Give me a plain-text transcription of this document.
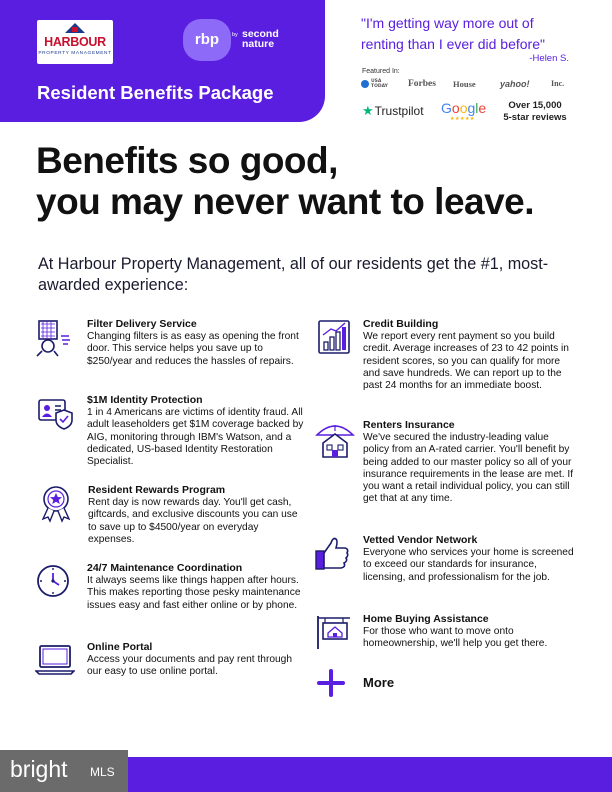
HARBOUR
PROPERTY MANAGEMENT
rbp	by second nature
Resident Benefits Package
"I'm getting way more out of renting than I ever did before"
-Helen S.
Featured In:
USA TODAY Forbes House	yahoo!	Inc.
★Trustpilot Google
★★★★★
Over 15,000
5-star reviews
Benefits so good,
you may never want to leave.
At Harbour Property Management, all of our residents get the #1, most-awarded experience:
Filter Delivery Service
Changing filters is as easy as opening the front door. This service helps you save up to $250/year and reduces the hassles of repairs.
$1M Identity Protection
1 in 4 Americans are victims of identity fraud. All adult leaseholders get $1M coverage backed by AIG, monitoring through IBM's Watson, and a dedicated, US-based Identity Restoration Specialist.
Resident Rewards Program
Rent day is now rewards day. You'll get cash, giftcards, and exclusive discounts you can use to save up to $4500/year on everyday expenses.
24/7 Maintenance Coordination
It always seems like things happen after hours. This makes reporting those pesky maintenance issues easy and fast either online or by phone.
Online Portal
Access your documents and pay rent through our easy to use online portal.
Credit Building
We report every rent payment so you build credit. Average increases of 23 to 42 points in resident scores, so you can qualify for more and save hundreds. We can report up to the past 24 months for an immediate boost.
Renters Insurance
We've secured the industry-leading value policy from an A-rated carrier. You'll benefit by being added to our master policy so all of your insurance requirements in the lease are met. If you want a retail individual policy, you can still get that at any time.
Vetted Vendor Network
Everyone who services your home is screened to exceed our standards for insurance, licensing, and professionalism for the job.
Home Buying Assistance
For those who want to move onto homeownership, we'll help you get there.
More
bright MLS
